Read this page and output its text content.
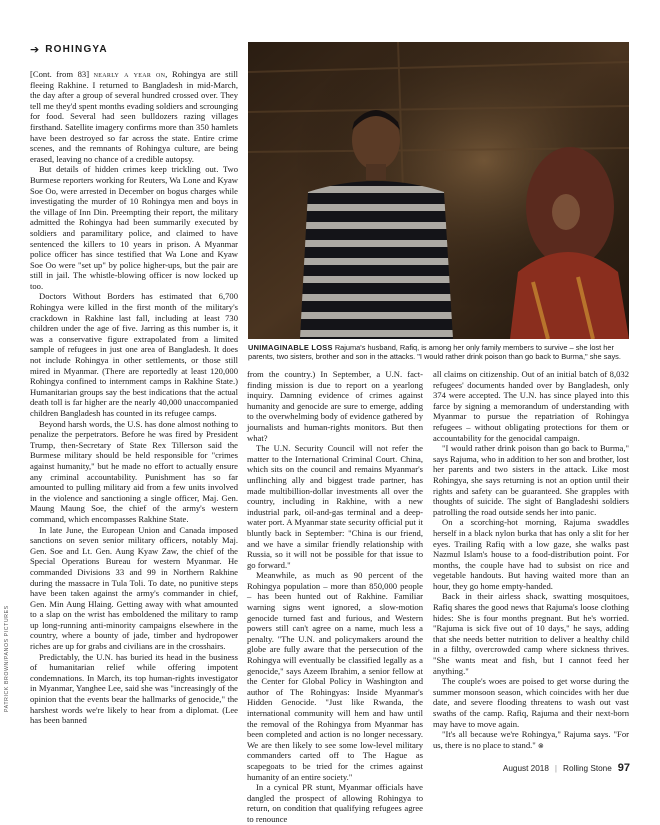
➔ ROHINGYA

[Cont. from 83] nearly a year on, Rohingya are still fleeing Rakhine. I returned to Bangladesh in mid-March, the day after a group of several hundred crossed over. They tell me they'd spent months evading soldiers and scrounging for food. Several had seen bulldozers razing villages firsthand. Satellite imagery confirms more than 350 hamlets have been destroyed so far across the state. Entire crime scenes, and the remnants of Rohingya culture, are being erased, leaving no chance of a credible autopsy.

But details of hidden crimes keep trickling out. Two Burmese reporters working for Reuters, Wa Lone and Kyaw Soe Oo, were arrested in December on bogus charges while investigating the murder of 10 Rohingya men and boys in the village of Inn Din. Preempting their report, the military admitted the Rohingya had been summarily executed by soldiers and paramilitary police, and claimed to have sentenced the killers to 10 years in prison. A Myanmar police officer has since testified that Wa Lone and Kyaw Soe Oo were "set up" by police higher-ups, but the pair are still in jail. The whistle-blowing officer is now locked up too.

Doctors Without Borders has estimated that 6,700 Rohingya were killed in the first month of the military's crackdown in Rakhine last fall, including at least 730 children under the age of five. Jarring as this number is, it was a conservative figure extrapolated from a limited sample of refugees in just one area of Bangladesh. It does not include Rohingya in other settlements, or those still mired in Myanmar. (There are reportedly at least 120,000 Rohingya confined to internment camps in Rakhine State.) Humanitarian groups say the best indications that the actual death toll is far higher are the nearly 40,000 unaccompanied children Bangladesh has counted in its refugee camps.

Beyond harsh words, the U.S. has done almost nothing to penalize the perpetrators. Before he was fired by President Trump, then-Secretary of State Rex Tillerson said the Burmese military should be held responsible for "crimes against humanity," but he made no effort to actually ensure any criminal accountability. Punishment has so far amounted to pulling military aid from a few units involved in the violence and sanctioning a single officer, Maj. Gen. Maung Maung Soe, the chief of the army's western command, which encompasses Rakhine State.

In late June, the European Union and Canada imposed sanctions on seven senior military officers, notably Maj. Gen. Soe and Lt. Gen. Aung Kyaw Zaw, the chief of the Special Operations Bureau for western Myanmar. He commanded Divisions 33 and 99 in Northern Rakhine during the massacre in Tula Toli. To date, no punitive steps have been taken against the army's commander in chief, Gen. Min Aung Hlaing. Getting away with what amounted to a slap on the wrist has emboldened the military to ramp up long-running anti-minority campaigns elsewhere in the country, where a bounty of jade, timber and hydropower riches are up for grabs and civilians are in the crosshairs.

Predictably, the U.N. has buried its head in the business of humanitarian relief while offering impotent condemnations. In March, its top human-rights investigator in Myanmar, Yanghee Lee, said she was "increasingly of the opinion that the events bear the hallmarks of genocide," the harshest words we're likely to hear from a diplomat. (Lee has been banned

UNIMAGINABLE LOSS Rajuma's husband, Rafiq, is among her only family members to survive – she lost her parents, two sisters, brother and son in the attacks. "I would rather drink poison than go back to Burma," she says.

from the country.) In September, a U.N. fact-finding mission is due to report on a yearlong inquiry. Damning evidence of crimes against humanity and genocide are sure to emerge, adding to the overwhelming body of evidence gathered by journalists and human-rights monitors. But then what?

The U.N. Security Council will not refer the matter to the International Criminal Court. China, which sits on the council and remains Myanmar's unflinching ally and biggest trade partner, has made multibillion-dollar investments all over the country, including in Rakhine, with a new industrial park, oil-and-gas terminal and a deep-water port. A Myanmar state security official put it bluntly back in September: "China is our friend, and we have a similar friendly relationship with Russia, so it will not be possible for that issue to go forward."

Meanwhile, as much as 90 percent of the Rohingya population – more than 850,000 people – has been hunted out of Rakhine. Familiar warning signs went ignored, a slow-motion genocide turned fast and furious, and Western powers still can't agree on a name, much less a penalty. "The U.N. and policymakers around the globe are fully aware that the persecution of the Rohingya will eventually be classified legally as a genocide," says Azeem Ibrahim, a senior fellow at the Center for Global Policy in Washington and author of The Rohingyas: Inside Myanmar's Hidden Genocide. "Just like Rwanda, the international community will hem and haw until the removal of the Rohingya from Myanmar has been completed and action is no longer necessary. We are then likely to see some low-level military commanders carted off to The Hague as scapegoats to be tried for the crimes against humanity of an entire society."

In a cynical PR stunt, Myanmar officials have dangled the prospect of allowing Rohingya to return, on condition that qualifying refugees agree to renounce

all claims on citizenship. Out of an initial batch of 8,032 refugees' documents handed over by Bangladesh, only 374 were accepted. The U.N. has since played into this farce by signing a memorandum of understanding with Myanmar to pursue the repatriation of Rohingya refugees – without obligating protections for them or accountability for the genocidal campaign.

"I would rather drink poison than go back to Burma," says Rajuma, who in addition to her son and brother, lost her parents and two sisters in the attack. Like most Rohingya, she says returning is not an option until their rights and safety can be guaranteed. She grapples with thoughts of suicide. The sight of Bangladeshi soldiers patrolling the road outside sends her into panic.

On a scorching-hot morning, Rajuma swaddles herself in a black nylon burka that has only a slit for her eyes. Trailing Rafiq with a low gaze, she walks past Nazmul Islam's house to a food-distribution point. For months, the couple have had to subsist on rice and vegetable handouts. But having waited more than an hour, they go home empty-handed.

Back in their airless shack, swatting mosquitoes, Rafiq shares the good news that Rajuma's loose clothing hides: She is four months pregnant. But he's worried. "Rajuma is sick five out of 10 days," he says, adding that she needs better nutrition to deliver a healthy child in a filthy, overcrowded camp where sickness thrives. "She wants meat and fish, but I cannot feed her anything."

The couple's woes are poised to get worse during the summer monsoon season, which coincides with her due date, and severe flooding threatens to wash out vast swaths of the camp. Rafiq, Rajuma and their next-born may have to move again.

"It's all because we're Rohingya," Rajuma says. "For us, there is no place to stand." ⊗

PATRICK BROWN/PANOS PICTURES
August 2018 | Rolling Stone 97
